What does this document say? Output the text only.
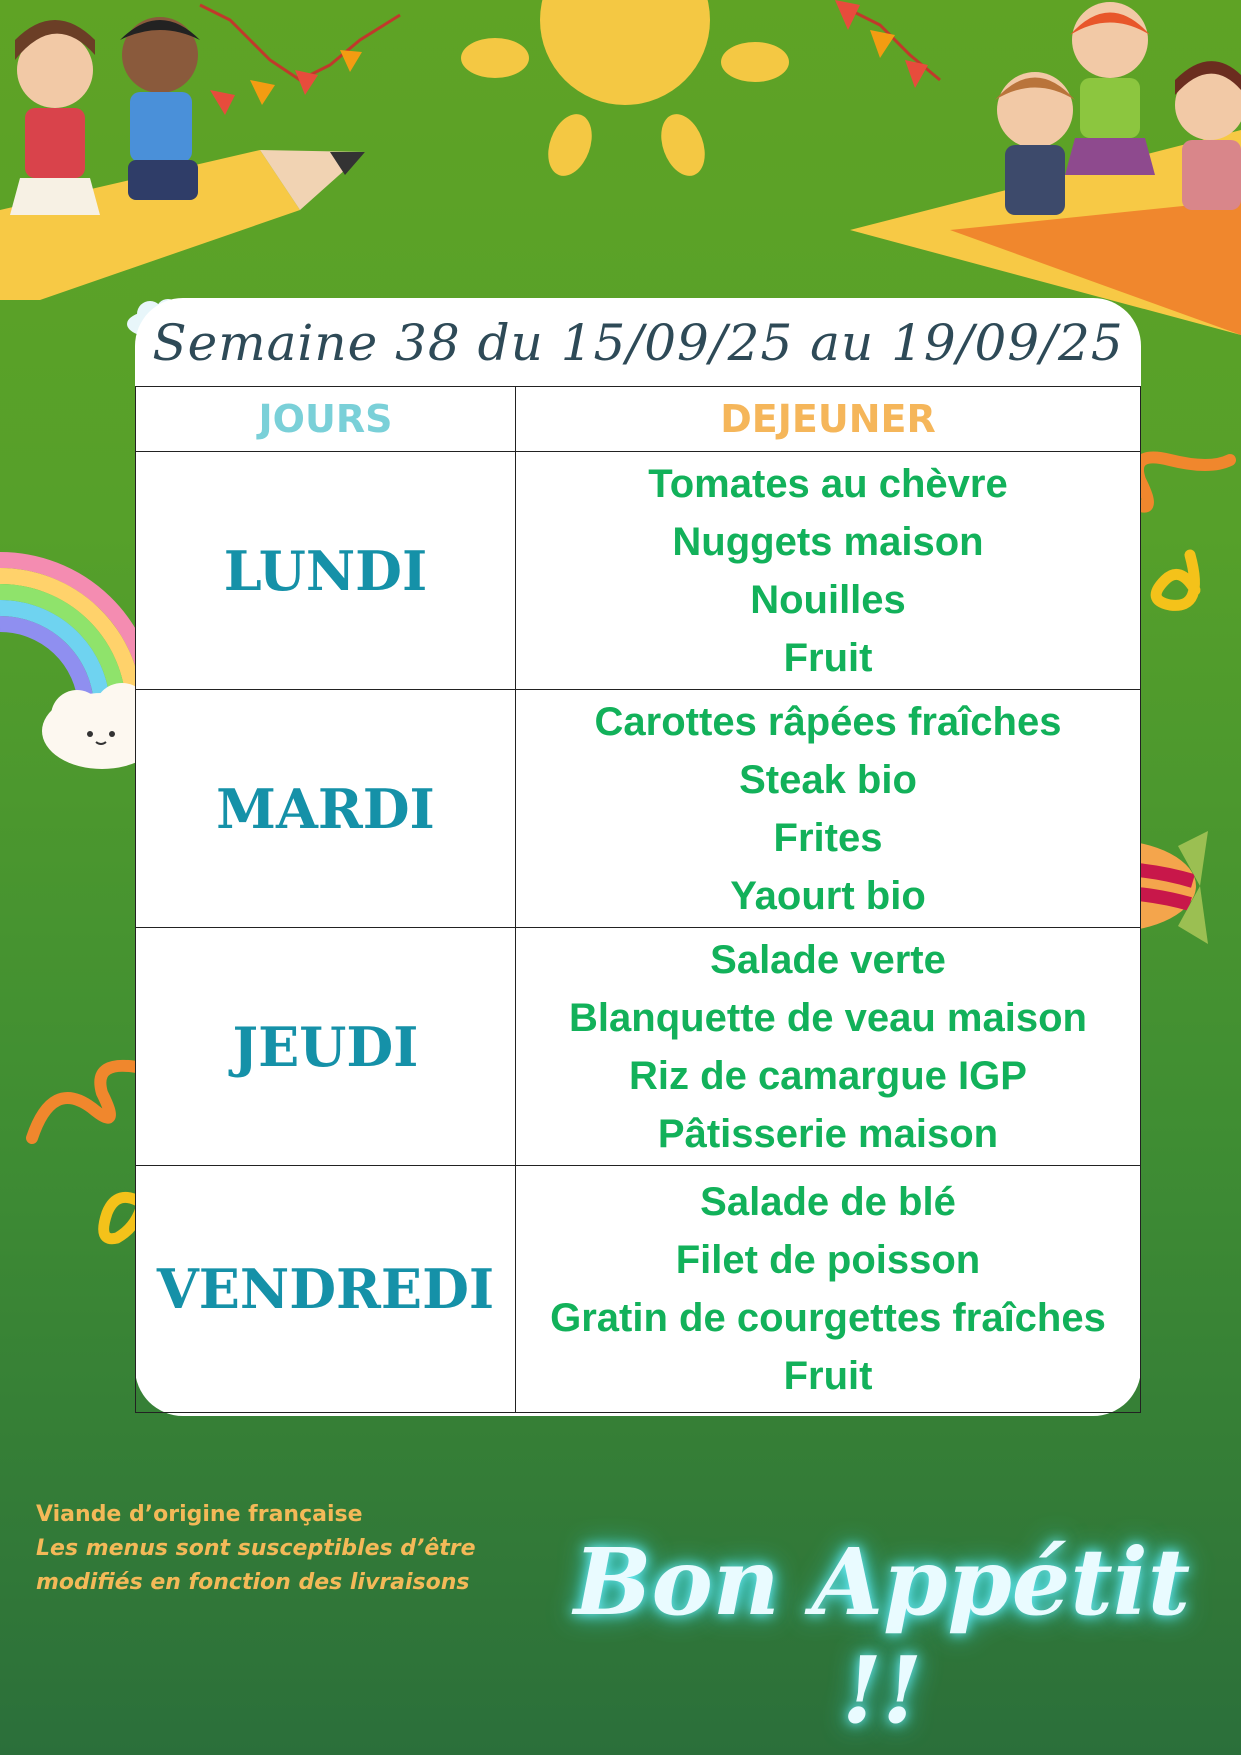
Semaine 38 du 15/09/25 au 19/09/25
JOURS	DEJEUNER
LUNDI	Tomates au chèvre
Nuggets maison
Nouilles
Fruit

MARDI	Carottes râpées fraîches
Steak bio
Frites
Yaourt bio

JEUDI	Salade verte
Blanquette de veau maison
Riz de camargue IGP
Pâtisserie maison

VENDREDI	Salade de blé
Filet de poisson
Gratin de courgettes fraîches
Fruit
Viande d’origine française
Les menus sont susceptibles d’être
modifiés en fonction des livraisons	Bon Appétit !!
